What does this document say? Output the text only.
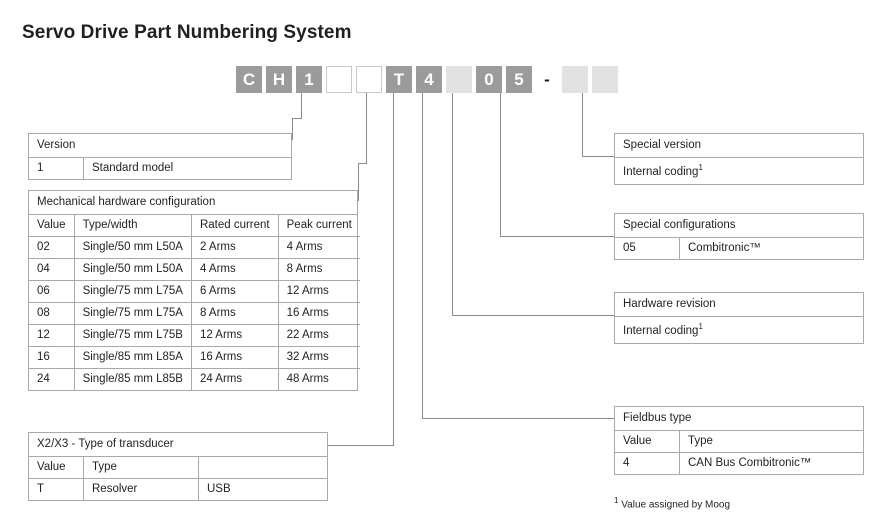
Servo Drive Part Numbering System
C	H	1	T	4	0	5	-
Version
1	Standard model
Mechanical hardware configuration
Value	Type/width	Rated current	Peak current
02	Single/50 mm L50A	2 Arms	4 Arms
04	Single/50 mm L50A	4 Arms	8 Arms
06	Single/75 mm L75A	6 Arms	12 Arms
08	Single/75 mm L75A	8 Arms	16 Arms
12	Single/75 mm L75B	12 Arms	22 Arms
16	Single/85 mm L85A	16 Arms	32 Arms
24	Single/85 mm L85B	24 Arms	48 Arms
X2/X3 - Type of transducer
Value	Type	
T	Resolver	USB
Special version
Internal coding$^1$
Special configurations
05	Combitronic™
Hardware revision
Internal coding$^1$
Fieldbus type
Value	Type
4	CAN Bus Combitronic™
$^1$ Value assigned by Moog
